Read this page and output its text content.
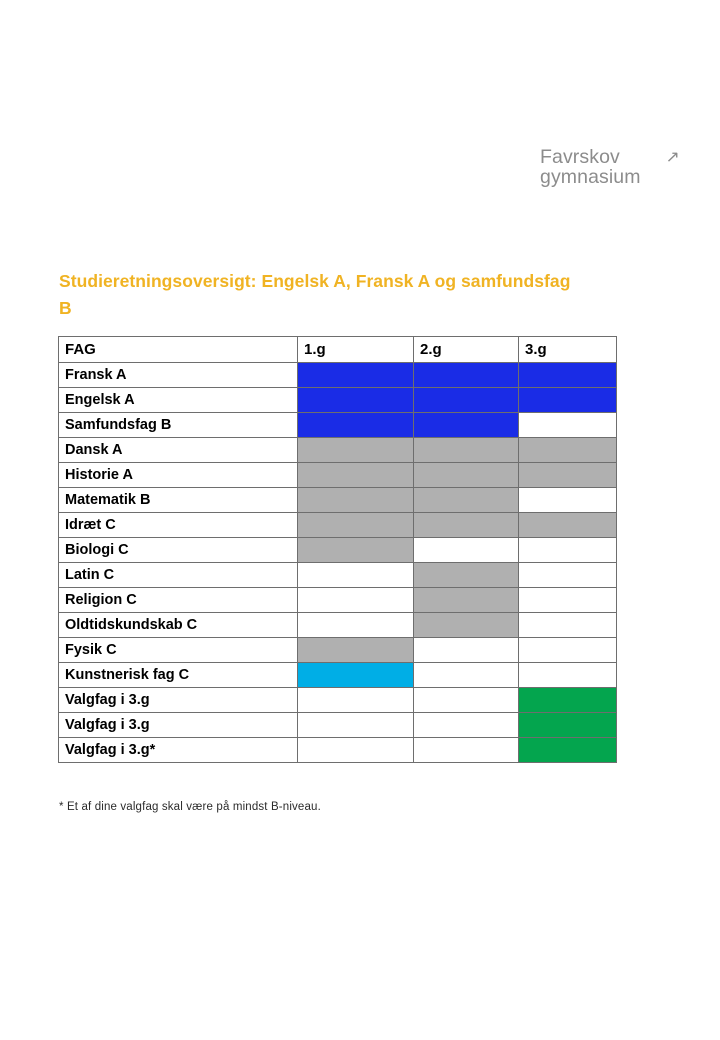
Favrskov	↗
gymnasium
Studieretningsoversigt: Engelsk A, Fransk A og samfundsfag B
FAG	1.g	2.g	3.g
Fransk A			
Engelsk A			
Samfundsfag B			
Dansk A			
Historie A			
Matematik B			
Idræt C			
Biologi C			
Latin C			
Religion C			
Oldtidskundskab C			
Fysik C			
Kunstnerisk fag C			
Valgfag i 3.g			
Valgfag i 3.g			
Valgfag i 3.g*			
* Et af dine valgfag skal være på mindst B-niveau.
